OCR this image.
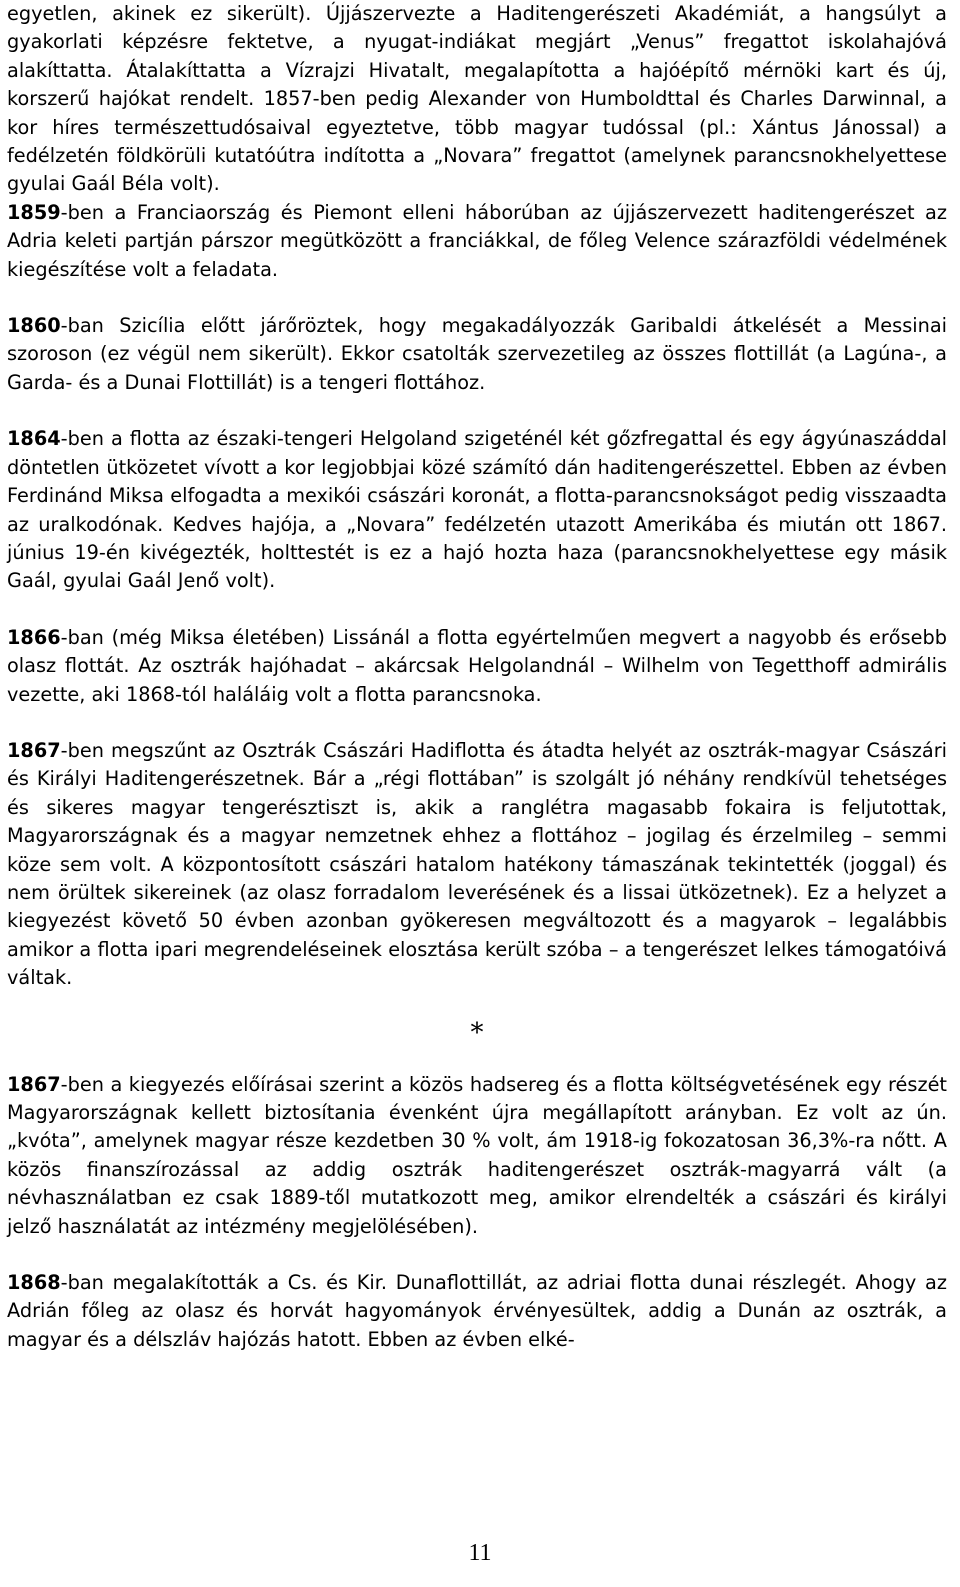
egyetlen, akinek ez sikerült). Újjászervezte a Haditengerészeti Akadémiát, a hangsúlyt a gyakorlati képzésre fektetve, a nyugat-indiákat megjárt „Venus” fregattot iskolahajóvá alakíttatta. Átalakíttatta a Vízrajzi Hivatalt, megalapította a hajóépítő mérnöki kart és új, korszerű hajókat rendelt. 1857-ben pedig Alexander von Humboldttal és Charles Darwinnal, a kor híres természettudósaival egyeztetve, több magyar tudóssal (pl.: Xántus Jánossal) a fedélzetén földkörüli kutatóútra indította a „Novara” fregattot (amelynek parancsnokhelyettese gyulai Gaál Béla volt).

1859-ben a Franciaország és Piemont elleni háborúban az újjászervezett haditengerészet az Adria keleti partján párszor megütközött a franciákkal, de főleg Velence szárazföldi védelmének kiegészítése volt a feladata.

1860-ban Szicília előtt járőröztek, hogy megakadályozzák Garibaldi átkelését a Messinai szoroson (ez végül nem sikerült). Ekkor csatolták szervezetileg az összes flottillát (a Lagúna-, a Garda- és a Dunai Flottillát) is a tengeri flottához.

1864-ben a flotta az északi-tengeri Helgoland szigeténél két gőzfregattal és egy ágyúnaszáddal döntetlen ütközetet vívott a kor legjobbjai közé számító dán haditengerészettel. Ebben az évben Ferdinánd Miksa elfogadta a mexikói császári koronát, a flotta-parancsnokságot pedig visszaadta az uralkodónak. Kedves hajója, a „Novara” fedélzetén utazott Amerikába és miután ott 1867. június 19-én kivégezték, holttestét is ez a hajó hozta haza (parancsnokhelyettese egy másik Gaál, gyulai Gaál Jenő volt).

1866-ban (még Miksa életében) Lissánál a flotta egyértelműen megvert a nagyobb és erősebb olasz flottát. Az osztrák hajóhadat – akárcsak Helgolandnál – Wilhelm von Tegetthoff admirális vezette, aki 1868-tól haláláig volt a flotta parancsnoka.

1867-ben megszűnt az Osztrák Császári Hadiflotta és átadta helyét az osztrák-magyar Császári és Királyi Haditengerészetnek. Bár a „régi flottában” is szolgált jó néhány rendkívül tehetséges és sikeres magyar tengerésztiszt is, akik a ranglétra magasabb fokaira is feljutottak, Magyarországnak és a magyar nemzetnek ehhez a flottához – jogilag és érzelmileg – semmi köze sem volt. A központosított császári hatalom hatékony támaszának tekintették (joggal) és nem örültek sikereinek (az olasz forradalom leverésének és a lissai ütközetnek). Ez a helyzet a kiegyezést követő 50 évben azonban gyökeresen megváltozott és a magyarok – legalábbis amikor a flotta ipari megrendeléseinek elosztása került szóba – a tengerészet lelkes támogatóivá váltak.

*

1867-ben a kiegyezés előírásai szerint a közös hadsereg és a flotta költségvetésének egy részét Magyarországnak kellett biztosítania évenként újra megállapított arányban. Ez volt az ún. „kvóta”, amelynek magyar része kezdetben 30 % volt, ám 1918-ig fokozatosan 36,3%-ra nőtt. A közös finanszírozással az addig osztrák haditengerészet osztrák-magyarrá vált (a névhasználatban ez csak 1889-től mutatkozott meg, amikor elrendelték a császári és királyi jelző használatát az intézmény megjelölésében).

1868-ban megalakították a Cs. és Kir. Dunaflottillát, az adriai flotta dunai részlegét. Ahogy az Adrián főleg az olasz és horvát hagyományok érvényesültek, addig a Dunán az osztrák, a magyar és a délszláv hajózás hatott. Ebben az évben elké-

11
